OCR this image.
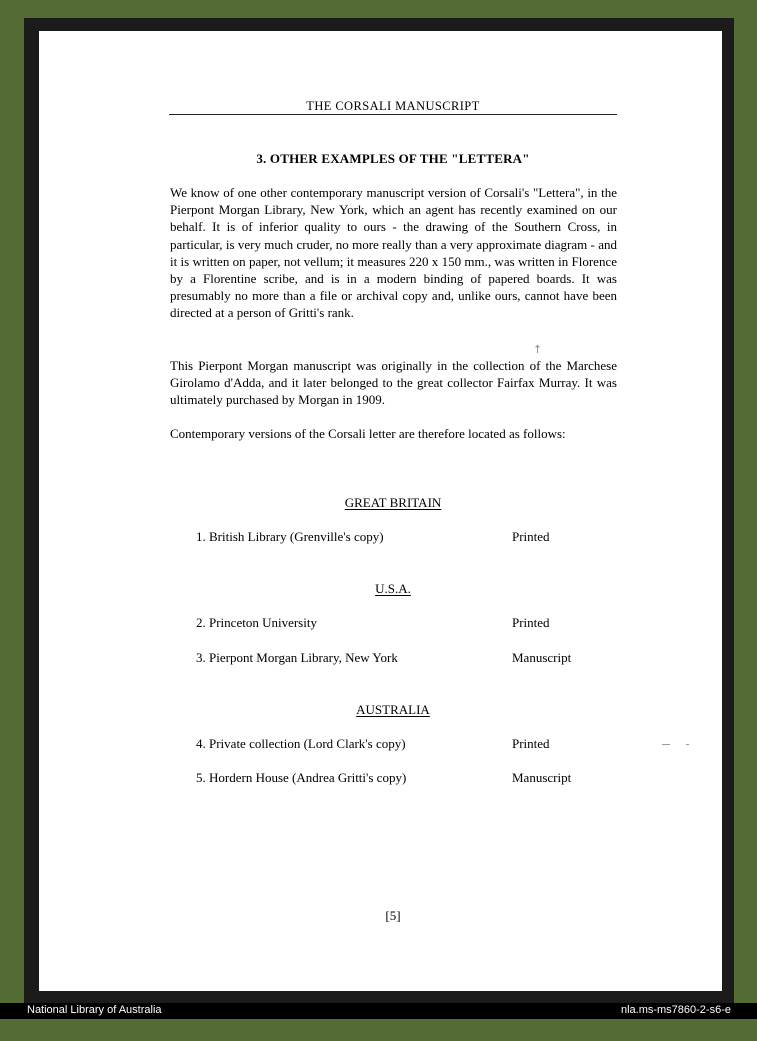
THE CORSALI MANUSCRIPT
3. OTHER EXAMPLES OF THE "LETTERA"

We know of one other contemporary manuscript version of Corsali's "Lettera", in the Pierpont Morgan Library, New York, which an agent has recently examined on our behalf. It is of inferior quality to ours - the drawing of the Southern Cross, in particular, is very much cruder, no more really than a very approximate diagram - and it is written on paper, not vellum; it measures 220 x 150 mm., was written in Florence by a Florentine scribe, and is in a modern binding of papered boards. It was presumably no more than a file or archival copy and, unlike ours, cannot have been directed at a person of Gritti's rank.

This Pierpont Morgan manuscript was originally in the collection of the Marchese Girolamo d'Adda, and it later belonged to the great collector Fairfax Murray. It was ultimately purchased by Morgan in 1909.

Contemporary versions of the Corsali letter are therefore located as follows:

↑
GREAT BRITAIN
1. British Library (Grenville's copy)	Printed
U.S.A.
2. Princeton University	Printed
3. Pierpont Morgan Library, New York	Manuscript
AUSTRALIA
4. Private collection (Lord Clark's copy)	Printed
5. Hordern House (Andrea Gritti's copy)	Manuscript
[5]
National Library of Australia	nla.ms-ms7860-2-s6-e
